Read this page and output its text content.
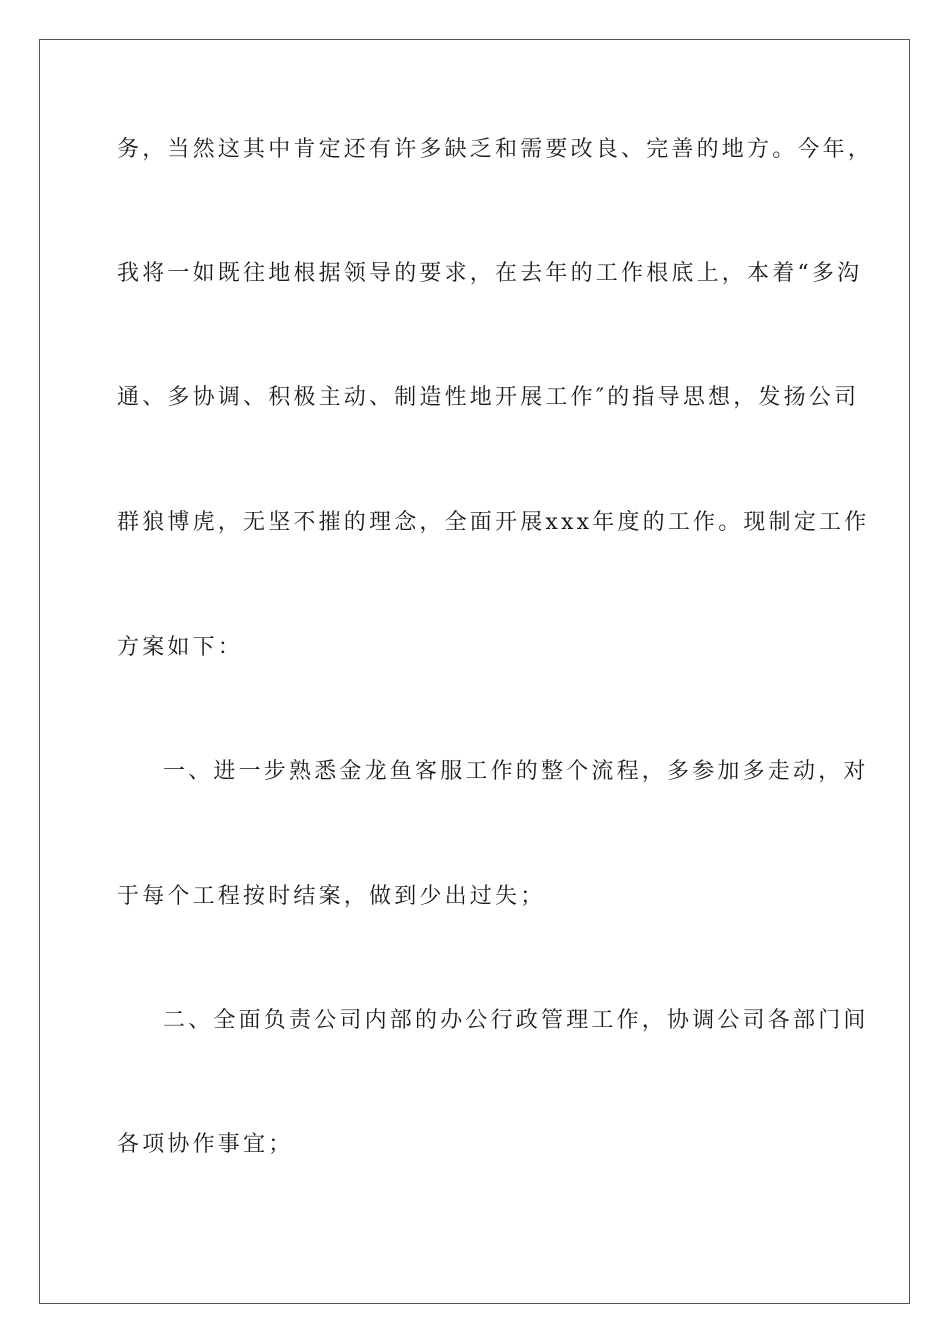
务，当然这其中肯定还有许多缺乏和需要改良、完善的地方。今年，
我将一如既往地根据领导的要求，在去年的工作根底上，本着“多沟
通、多协调、积极主动、制造性地开展工作″的指导思想，发扬公司
群狼博虎，无坚不摧的理念，全面开展xxx年度的工作。现制定工作
方案如下：
一、进一步熟悉金龙鱼客服工作的整个流程，多参加多走动，对
于每个工程按时结案，做到少出过失；
二、全面负责公司内部的办公行政管理工作，协调公司各部门间
各项协作事宜；
